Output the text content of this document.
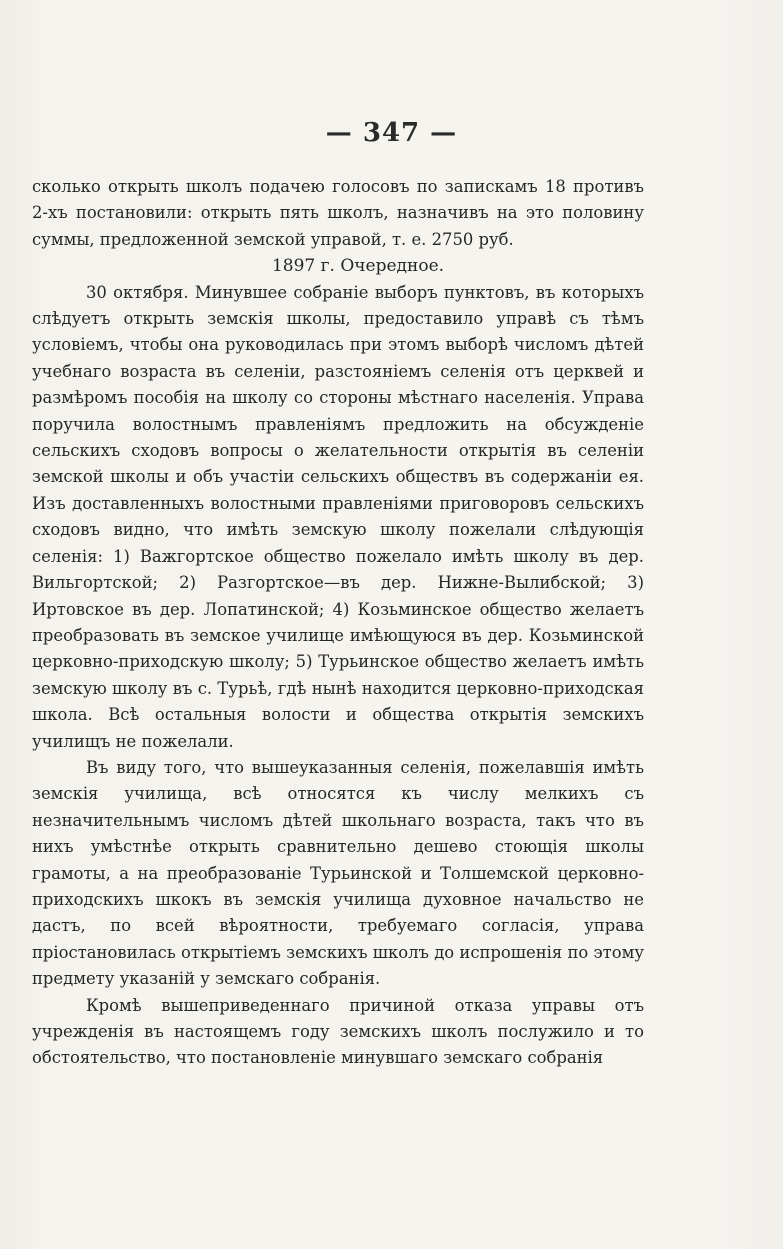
— 347 —

сколько открыть школъ подачею голосовъ по запискамъ 18 противъ 2-хъ постановили: открыть пять школъ, назначивъ на это половину суммы, предложенной земской управой, т. е. 2750 руб.

1897 г. Очередное.

30 октября. Минувшее собраніе выборъ пунктовъ, въ которыхъ слѣдуетъ открыть земскія школы, предоставило управѣ съ тѣмъ условіемъ, чтобы она руководилась при этомъ выборѣ числомъ дѣтей учебнаго возраста въ селеніи, разстояніемъ селенія отъ церквей и размѣромъ пособія на школу со стороны мѣстнаго населенія. Управа поручила волостнымъ правленіямъ предложить на обсужденіе сельскихъ сходовъ вопросы о желательности открытія въ селеніи земской школы и объ участіи сельскихъ обществъ въ содержаніи ея. Изъ доставленныхъ волостными правленіями приговоровъ сельскихъ сходовъ видно, что имѣть земскую школу пожелали слѣдующія селенія: 1) Важгортское общество пожелало имѣть школу въ дер. Вильгортской; 2) Разгортское—въ дер. Нижне-Вылибской; 3) Иртовское въ дер. Лопатинской; 4) Козьминское общество желаетъ преобразовать въ земское училище имѣющуюся въ дер. Козьминской церковно-приходскую школу; 5) Турьинское общество желаетъ имѣть земскую школу въ с. Турьѣ, гдѣ нынѣ находится церковно-приходская школа. Всѣ остальныя волости и общества открытія земскихъ училищъ не пожелали.

Въ виду того, что вышеуказанныя селенія, пожелавшія имѣть земскія училища, всѣ относятся къ числу мелкихъ съ незначительнымъ числомъ дѣтей школьнаго возраста, такъ что въ нихъ умѣстнѣе открыть сравнительно дешево стоющія школы грамоты, а на преобразованіе Турьинской и Толшемской церковно-приходскихъ шкокъ въ земскія училища духовное начальство не дастъ, по всей вѣроятности, требуемаго согласія, управа пріостановилась открытіемъ земскихъ школъ до испрошенія по этому предмету указаній у земскаго собранія.

Кромѣ вышеприведеннаго причиной отказа управы отъ учрежденія въ настоящемъ году земскихъ школъ послужило и то обстоятельство, что постановленіе минувшаго земскаго собранія
